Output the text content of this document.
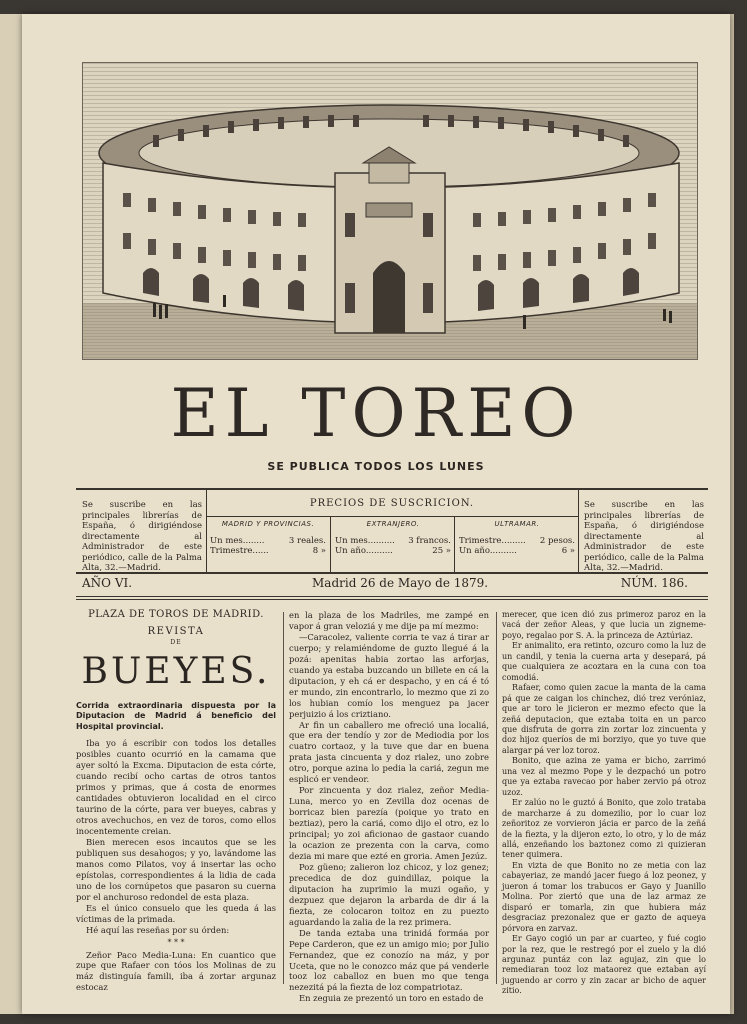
EL TOREO
SE PUBLICA TODOS LOS LUNES
Se suscribe en las principales librerías de España, ó dirigiéndose directamente al Administrador de este periódico, calle de la Palma Alta, 32.—Madrid.
PRECIOS DE SUSCRICION.
MADRID Y PROVINCIAS.
Un mes........	3 reales.
Trimestre......	8 »
EXTRANJERO.
Un mes.......... 3 francos.
Un año..........	25 »
ULTRAMAR.
Trimestre......... 2 pesos.
Un año..........	6 »
Se suscribe en las principales librerías de España, ó dirigiéndose directamente al Administrador de este periódico, calle de la Palma Alta, 32.—Madrid.
AÑO VI.	Madrid 26 de Mayo de 1879.	NÚM. 186.
PLAZA DE TOROS DE MADRID.
REVISTA
DE
BUEYES.
Corrida extraordinaria dispuesta por la Diputacion de Madrid á beneficio del Hospital provincial.

Iba yo á escribir con todos los detalles posibles cuanto ocurrió en la camama que ayer soltó la Excma. Diputacion de esta córte, cuando recibí ocho cartas de otros tantos primos y primas, que á costa de enormes cantidades obtuvieron localidad en el circo taurino de la córte, para ver bueyes, cabras y otros avechuchos, en vez de toros, como ellos inocentemente creian.

Bien merecen esos incautos que se les publiquen sus desahogos; y yo, lavándome las manos como Pilatos, voy á insertar las ocho epístolas, correspondientes á la lidia de cada uno de los cornúpetos que pasaron su cuerna por el anchuroso redondel de esta plaza.

Es el único consuelo que les queda á las víctimas de la primada.

Hé aquí las reseñas por su órden:

* * *

Zeñor Paco Media-Luna: En cuantico que zupe que Rafaer con tóos los Molinas de zu máz distinguía famili, iba á zortar argunaz estocaz

en la plaza de los Madriles, me zampé en vapor á gran veloziá y me dije pa mí mezmo:

—Caracolez, valiente corria te vaz á tirar ar cuerpo; y relamiéndome de guzto llegué á la pozá: apenitas habia zortao las arforjas, cuando ya estaba buzcando un billete en cá la diputacion, y eh cá er despacho, y en cá é tó er mundo, zin encontrarlo, lo mezmo que zi zo los hubian comío los menguez pa jacer perjuizio á los criztiano.

Ar fin un caballero me ofreció una localiá, que era der tendío y zor de Mediodia por los cuatro cortaoz, y la tuve que dar en buena prata jasta cincuenta y doz rialez, uno zobre otro, porque azina lo pedia la cariá, zegun me esplicó er vendeor.

Por zincuenta y doz rialez, zeñor Media-Luna, merco yo en Zevilla doz ocenas de borricaz bien parezía (poique yo trato en beztiaz), pero la cariá, como dijo el otro, ez lo principal; yo zoi aficionao de gastaor cuando la ocazion ze prezenta con la carva, como dezia mi mare que ezté en groria. Amen Jezúz.

Poz güeno; zalieron loz chicoz, y loz genez; precedica de doz guindillaz, poique la diputacion ha zuprimio la muzi ogaño, y dezpuez que dejaron la arbarda de dir á la fiezta, ze colocaron toitoz en zu puezto aguardando la zalia de la rez primera.

De tanda eztaba una trinidá formáa por Pepe Carderon, que ez un amigo mio; por Julio Fernandez, que ez conozío na máz, y por Uceta, que no le conozco máz que pá venderle tooz loz caballoz en buen mo que tenga nezezitá pá la fiezta de loz compatriotaz.

En zeguia ze prezentó un toro en estado de

merecer, que icen dió zus primeroz paroz en la vacá der zeñor Aleas, y que lucia un zigneme-poyo, regalao por S. A. la princeza de Aztúriaz.

Er animalito, era retinto, ozcuro como la luz de un candil, y tenia la cuerna arta y desepará, pá que cualquiera ze acoztara en la cuna con toa comodiá.

Rafaer, como quien zacue la manta de la cama pá que ze caigan los chinchez, dió trez veróniaz, que ar toro le jicieron er mezmo efecto que la zeñá deputacion, que eztaba toita en un parco que disfruta de gorra zin zortar loz zincuenta y doz hijoz queríos de mi borziyo, que yo tuve que alargar pá ver loz toroz.

Bonito, que azina ze yama er bicho, zarrimó una vez al mezmo Pope y le dezpachó un potro que ya eztaba ravecao por haber zervio pá otroz uzoz.

Er zalúo no le guztó á Bonito, que zolo trataba de marcharze á zu domezilio, por lo cuar loz zeñoritoz ze vorvieron jácia er parco de la zeñá de la fiezta, y la dijeron ezto, lo otro, y lo de máz allá, enzeñando los baztonez como zi quizieran tener quimera.

En vizta de que Bonito no ze metia con laz cabayeriaz, ze mandó jacer fuego á loz peonez, y jueron á tomar los trabucos er Gayo y Juanillo Molina. Por ziertó que una de laz armaz ze disparó er tomarla, zin que hubiera máz desgraciaz prezonalez que er gazto de aqueya pórvora en zarvaz.

Er Gayo cogió un par ar cuarteo, y fué cogio por la rez, que le restregó por el zuelo y la dió argunaz puntáz con laz agujaz, zin que lo remediaran tooz loz mataorez que eztaban ayí juguendo ar corro y zin zacar ar bicho de aquer zitio.
